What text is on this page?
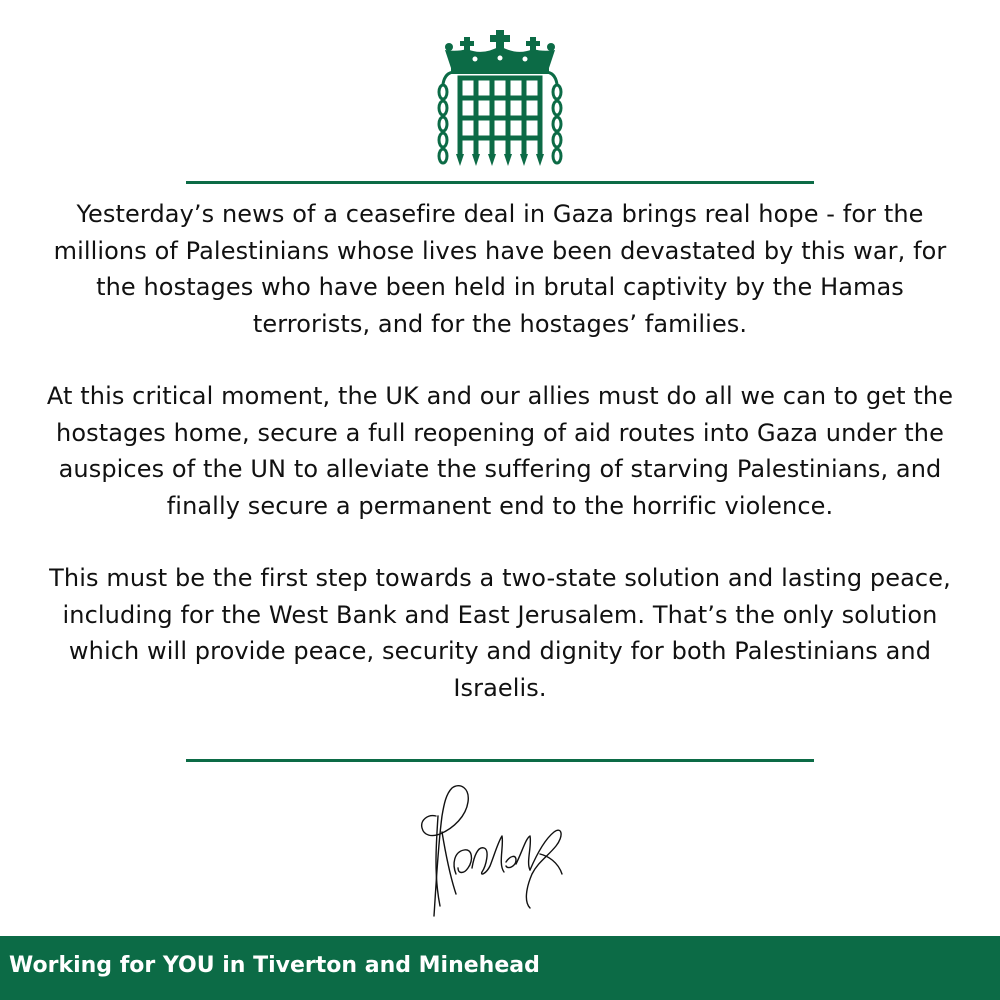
Yesterday’s news of a ceasefire deal in Gaza brings real hope - for the millions of Palestinians whose lives have been devastated by this war, for the hostages who have been held in brutal captivity by the Hamas terrorists, and for the hostages’ families.

At this critical moment, the UK and our allies must do all we can to get the hostages home, secure a full reopening of aid routes into Gaza under the auspices of the UN to alleviate the suffering of starving Palestinians, and finally secure a permanent end to the horrific violence.

This must be the first step towards a two-state solution and lasting peace, including for the West Bank and East Jerusalem. That’s the only solution which will provide peace, security and dignity for both Palestinians and Israelis.

Working for YOU in Tiverton and Minehead
